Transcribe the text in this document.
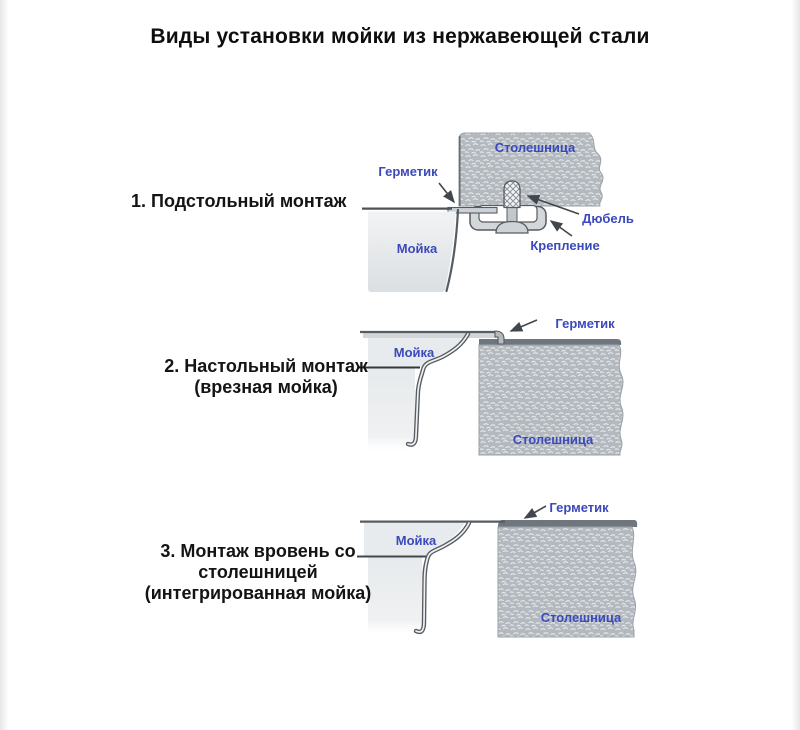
Виды установки мойки из нержавеющей стали
1. Подстольный монтаж
Столешница
Герметик
Дюбель
Крепление
Мойка
2. Настольный монтаж
(врезная мойка)
Мойка
Герметик
Столешница
3. Монтаж вровень со
столешницей
(интегрированная мойка)
Мойка
Герметик
Столешница
